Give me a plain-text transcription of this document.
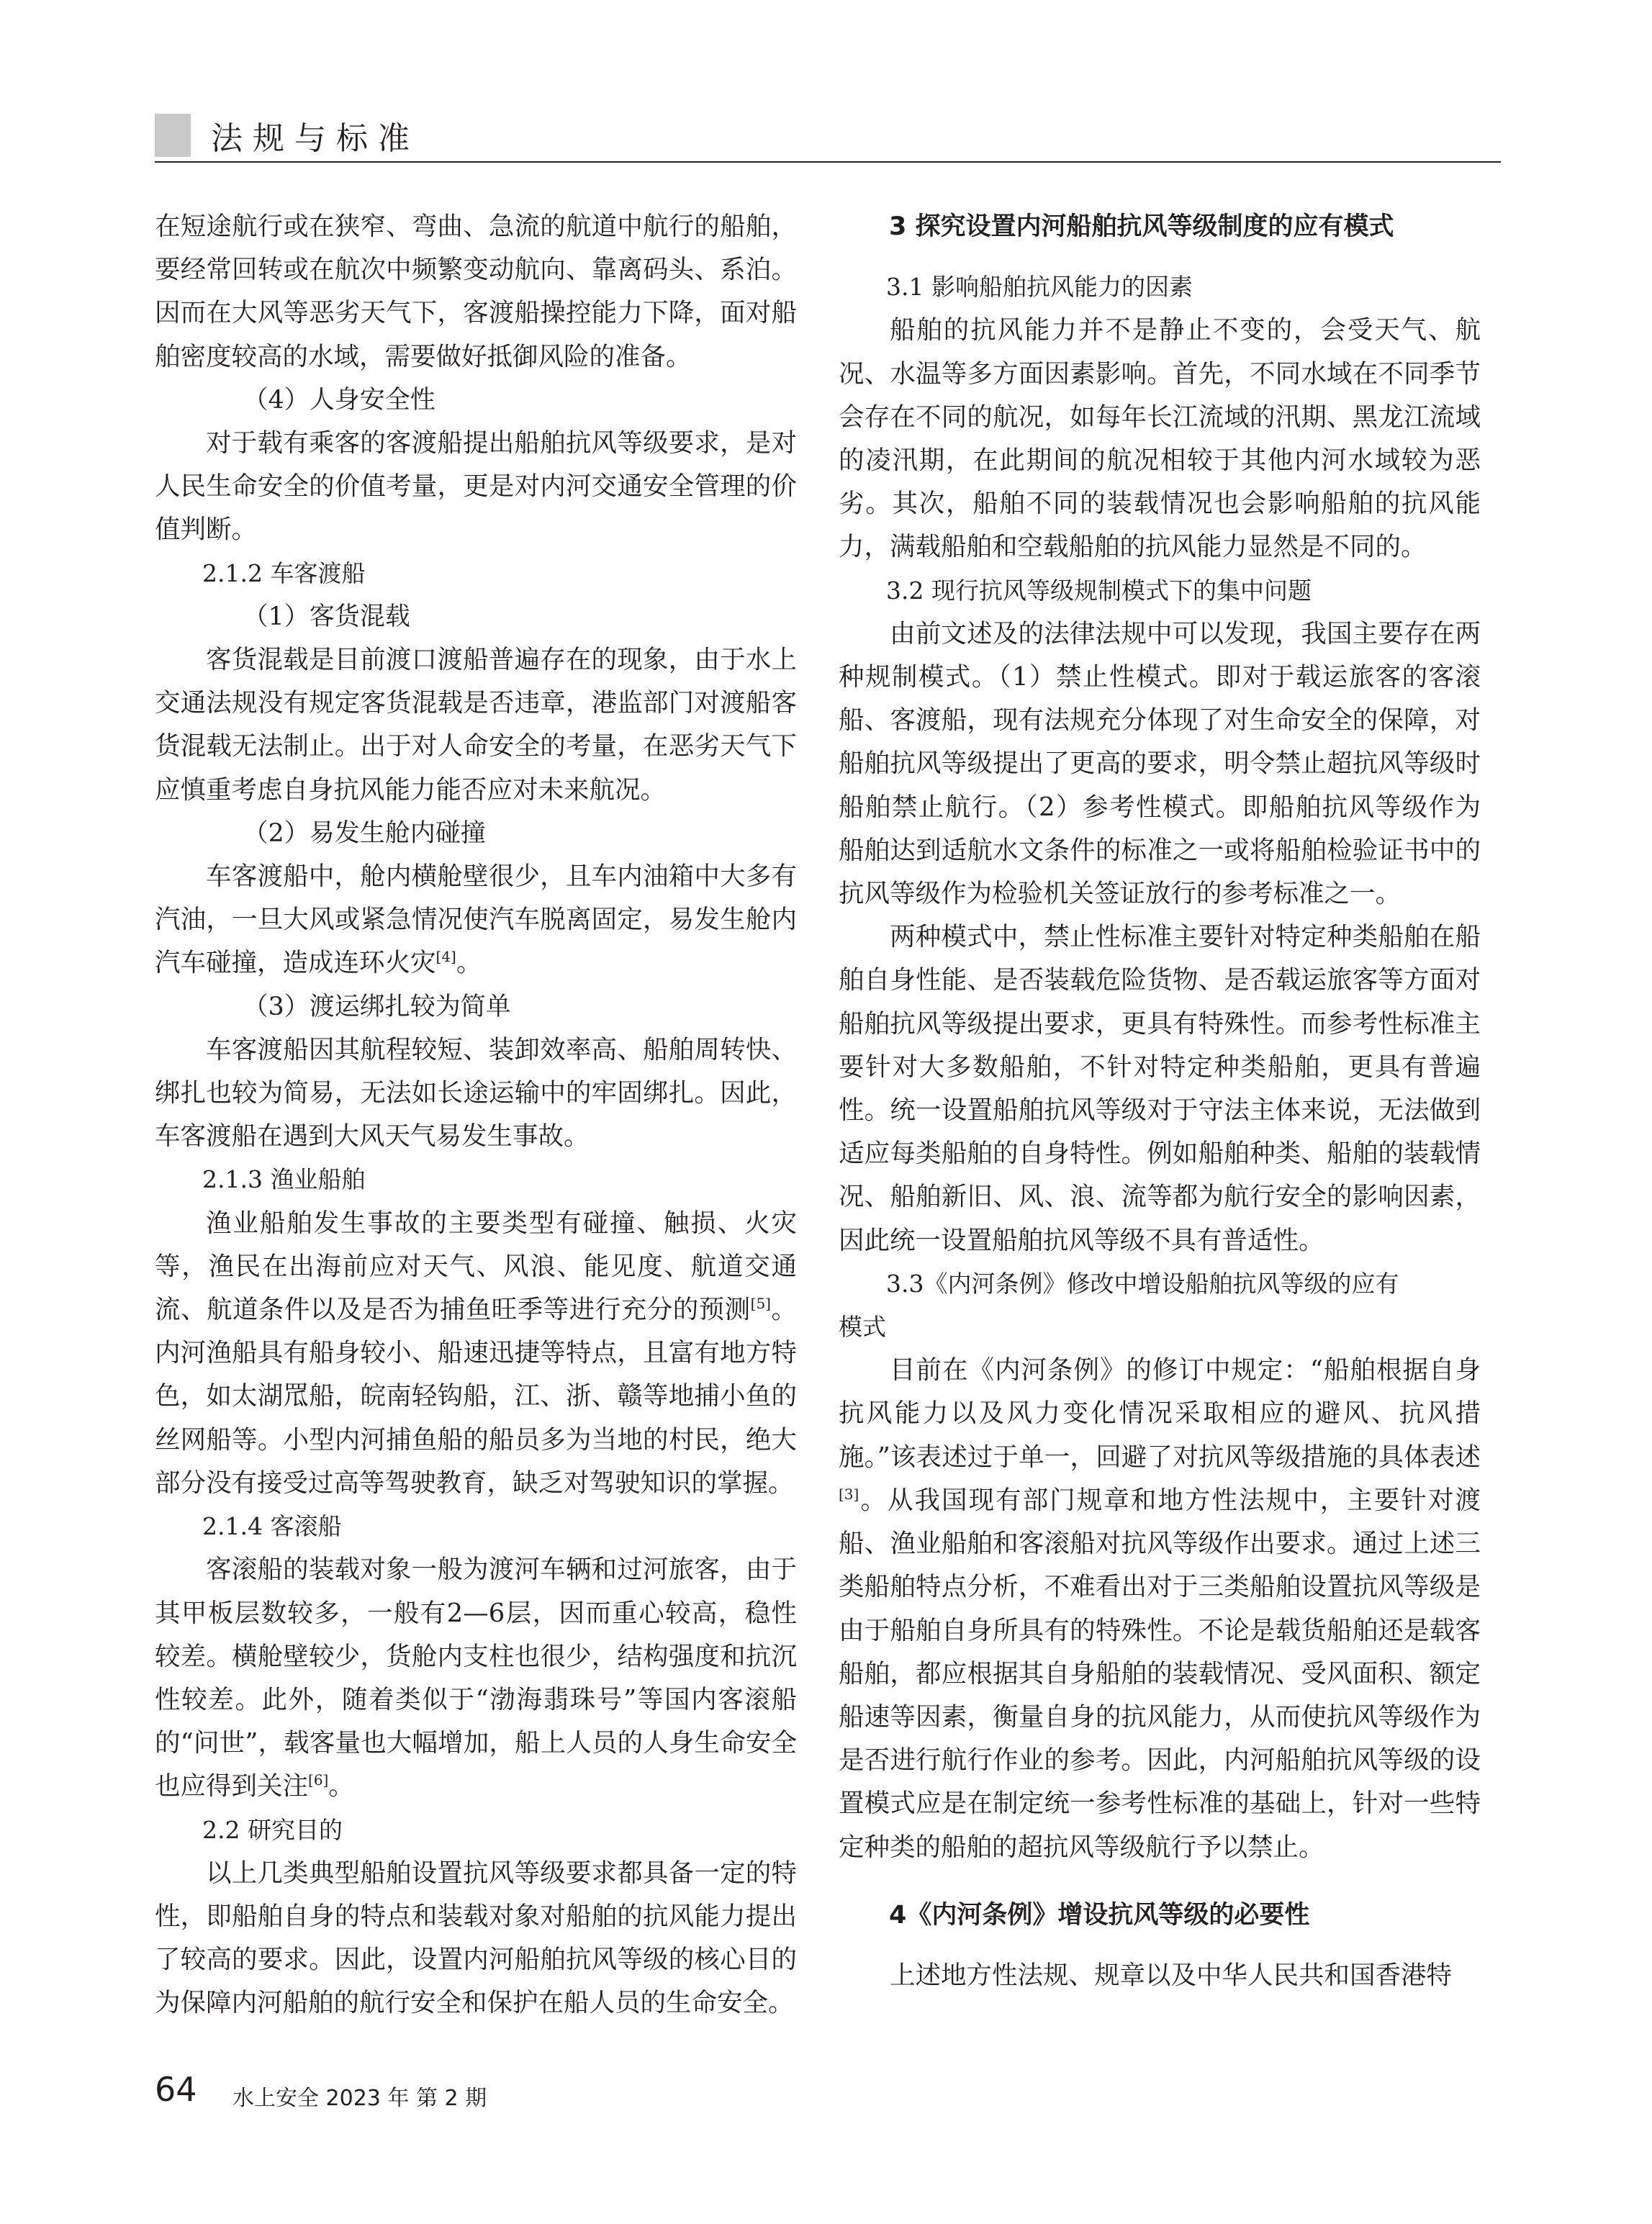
法规与标准

在短途航行或在狭窄、弯曲、急流的航道中航行的船舶，要经常回转或在航次中频繁变动航向、靠离码头、系泊。因而在大风等恶劣天气下，客渡船操控能力下降，面对船舶密度较高的水域，需要做好抵御风险的准备。

（4）人身安全性

对于载有乘客的客渡船提出船舶抗风等级要求，是对人民生命安全的价值考量，更是对内河交通安全管理的价值判断。

2.1.2 车客渡船
（1）客货混载

客货混载是目前渡口渡船普遍存在的现象，由于水上交通法规没有规定客货混载是否违章，港监部门对渡船客货混载无法制止。出于对人命安全的考量，在恶劣天气下应慎重考虑自身抗风能力能否应对未来航况。

（2）易发生舱内碰撞

车客渡船中，舱内横舱壁很少，且车内油箱中大多有汽油，一旦大风或紧急情况使汽车脱离固定，易发生舱内汽车碰撞，造成连环火灾[4]。

（3）渡运绑扎较为简单

车客渡船因其航程较短、装卸效率高、船舶周转快、绑扎也较为简易，无法如长途运输中的牢固绑扎。因此，车客渡船在遇到大风天气易发生事故。

2.1.3 渔业船舶

渔业船舶发生事故的主要类型有碰撞、触损、火灾等，渔民在出海前应对天气、风浪、能见度、航道交通流、航道条件以及是否为捕鱼旺季等进行充分的预测[5]。内河渔船具有船身较小、船速迅捷等特点，且富有地方特色，如太湖罛船，皖南轻钩船，江、浙、赣等地捕小鱼的丝网船等。小型内河捕鱼船的船员多为当地的村民，绝大部分没有接受过高等驾驶教育，缺乏对驾驶知识的掌握。

2.1.4 客滚船

客滚船的装载对象一般为渡河车辆和过河旅客，由于其甲板层数较多，一般有2—6层，因而重心较高，稳性较差。横舱壁较少，货舱内支柱也很少，结构强度和抗沉性较差。此外，随着类似于“渤海翡珠号”等国内客滚船的“问世”，载客量也大幅增加，船上人员的人身生命安全也应得到关注[6]。

2.2 研究目的

以上几类典型船舶设置抗风等级要求都具备一定的特性，即船舶自身的特点和装载对象对船舶的抗风能力提出了较高的要求。因此，设置内河船舶抗风等级的核心目的为保障内河船舶的航行安全和保护在船人员的生命安全。

3 探究设置内河船舶抗风等级制度的应有模式
3.1 影响船舶抗风能力的因素

船舶的抗风能力并不是静止不变的，会受天气、航况、水温等多方面因素影响。首先，不同水域在不同季节会存在不同的航况，如每年长江流域的汛期、黑龙江流域的凌汛期，在此期间的航况相较于其他内河水域较为恶劣。其次，船舶不同的装载情况也会影响船舶的抗风能力，满载船舶和空载船舶的抗风能力显然是不同的。

3.2 现行抗风等级规制模式下的集中问题

由前文述及的法律法规中可以发现，我国主要存在两种规制模式。（1）禁止性模式。即对于载运旅客的客滚船、客渡船，现有法规充分体现了对生命安全的保障，对船舶抗风等级提出了更高的要求，明令禁止超抗风等级时船舶禁止航行。（2）参考性模式。即船舶抗风等级作为船舶达到适航水文条件的标准之一或将船舶检验证书中的抗风等级作为检验机关签证放行的参考标准之一。

两种模式中，禁止性标准主要针对特定种类船舶在船舶自身性能、是否装载危险货物、是否载运旅客等方面对船舶抗风等级提出要求，更具有特殊性。而参考性标准主要针对大多数船舶，不针对特定种类船舶，更具有普遍性。统一设置船舶抗风等级对于守法主体来说，无法做到适应每类船舶的自身特性。例如船舶种类、船舶的装载情况、船舶新旧、风、浪、流等都为航行安全的影响因素，因此统一设置船舶抗风等级不具有普适性。

3.3《内河条例》修改中增设船舶抗风等级的应有
模式

目前在《内河条例》的修订中规定：“船舶根据自身抗风能力以及风力变化情况采取相应的避风、抗风措施。”该表述过于单一，回避了对抗风等级措施的具体表述[3]。从我国现有部门规章和地方性法规中，主要针对渡船、渔业船舶和客滚船对抗风等级作出要求。通过上述三类船舶特点分析，不难看出对于三类船舶设置抗风等级是由于船舶自身所具有的特殊性。不论是载货船舶还是载客船舶，都应根据其自身船舶的装载情况、受风面积、额定船速等因素，衡量自身的抗风能力，从而使抗风等级作为是否进行航行作业的参考。因此，内河船舶抗风等级的设置模式应是在制定统一参考性标准的基础上，针对一些特定种类的船舶的超抗风等级航行予以禁止。

4《内河条例》增设抗风等级的必要性

上述地方性法规、规章以及中华人民共和国香港特

64 水上安全 2023 年 第 2 期
